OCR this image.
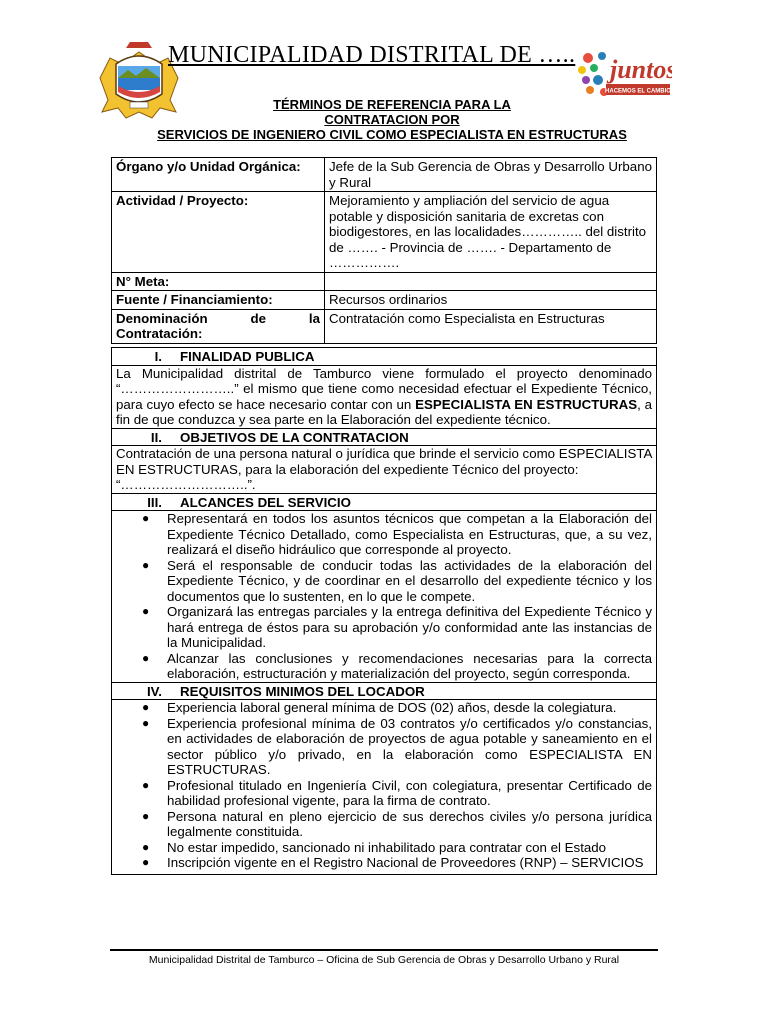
MUNICIPALIDAD DISTRITAL DE ….. juntos
HACEMOS EL CAMBIO
TÉRMINOS DE REFERENCIA PARA LA
CONTRATACION POR
SERVICIOS DE INGENIERO CIVIL COMO ESPECIALISTA EN ESTRUCTURAS
Órgano y/o Unidad Orgánica:	Jefe de la Sub Gerencia de Obras y Desarrollo Urbano y Rural
Actividad / Proyecto:	Mejoramiento y ampliación del servicio de agua potable y disposición sanitaria de excretas con biodigestores, en las localidades………….. del distrito de ……. - Provincia de ……. - Departamento de …………….
N° Meta:	
Fuente / Financiamiento:	Recursos ordinarios
Denominación de la Contratación:	Contratación como Especialista en Estructuras
I. FINALIDAD PUBLICA
La Municipalidad distrital de Tamburco viene formulado el proyecto denominado “……………………..” el mismo que tiene como necesidad efectuar el Expediente Técnico, para cuyo efecto se hace necesario contar con un ESPECIALISTA EN ESTRUCTURAS, a fin de que conduzca y sea parte en la Elaboración del expediente técnico.
II. OBJETIVOS DE LA CONTRATACION
Contratación de una persona natural o jurídica que brinde el servicio como ESPECIALISTA EN ESTRUCTURAS, para la elaboración del expediente Técnico del proyecto: “………………………..”.
III. ALCANCES DEL SERVICIO

● Representará en todos los asuntos técnicos que competan a la Elaboración del Expediente Técnico Detallado, como Especialista en Estructuras, que, a su vez, realizará el diseño hidráulico que corresponde al proyecto.
● Será el responsable de conducir todas las actividades de la elaboración del Expediente Técnico, y de coordinar en el desarrollo del expediente técnico y los documentos que lo sustenten, en lo que le compete.
● Organizará las entregas parciales y la entrega definitiva del Expediente Técnico y hará entrega de éstos para su aprobación y/o conformidad ante las instancias de la Municipalidad.
● Alcanzar las conclusiones y recomendaciones necesarias para la correcta elaboración, estructuración y materialización del proyecto, según corresponda.

IV. REQUISITOS MINIMOS DEL LOCADOR

● Experiencia laboral general mínima de DOS (02) años, desde la colegiatura.
● Experiencia profesional mínima de 03 contratos y/o certificados y/o constancias, en actividades de elaboración de proyectos de agua potable y saneamiento en el sector público y/o privado, en la elaboración como ESPECIALISTA EN ESTRUCTURAS.
● Profesional titulado en Ingeniería Civil, con colegiatura, presentar Certificado de habilidad profesional vigente, para la firma de contrato.
● Persona natural en pleno ejercicio de sus derechos civiles y/o persona jurídica legalmente constituida.
● No estar impedido, sancionado ni inhabilitado para contratar con el Estado
● Inscripción vigente en el Registro Nacional de Proveedores (RNP) – SERVICIOS
Municipalidad Distrital de Tamburco – Oficina de Sub Gerencia de Obras y Desarrollo Urbano y Rural
